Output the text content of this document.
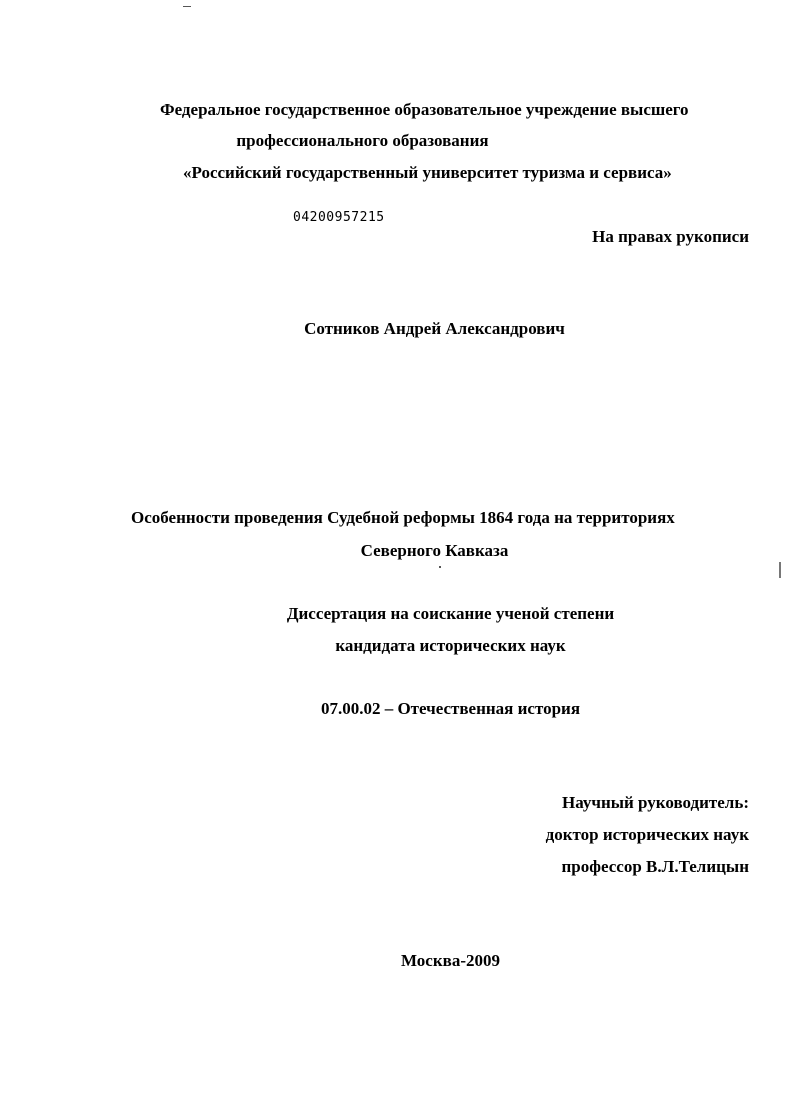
Федеральное государственное образовательное учреждение высшего
профессионального образования
«Российский государственный университет туризма и сервиса»
04200957215
На правах рукописи
Сотников Андрей Александрович
Особенности проведения Судебной реформы 1864 года на территориях
Северного Кавказа
Диссертация на соискание ученой степени
кандидата исторических наук
07.00.02 – Отечественная история
Научный руководитель:
доктор исторических наук
профессор В.Л.Телицын
Москва-2009
